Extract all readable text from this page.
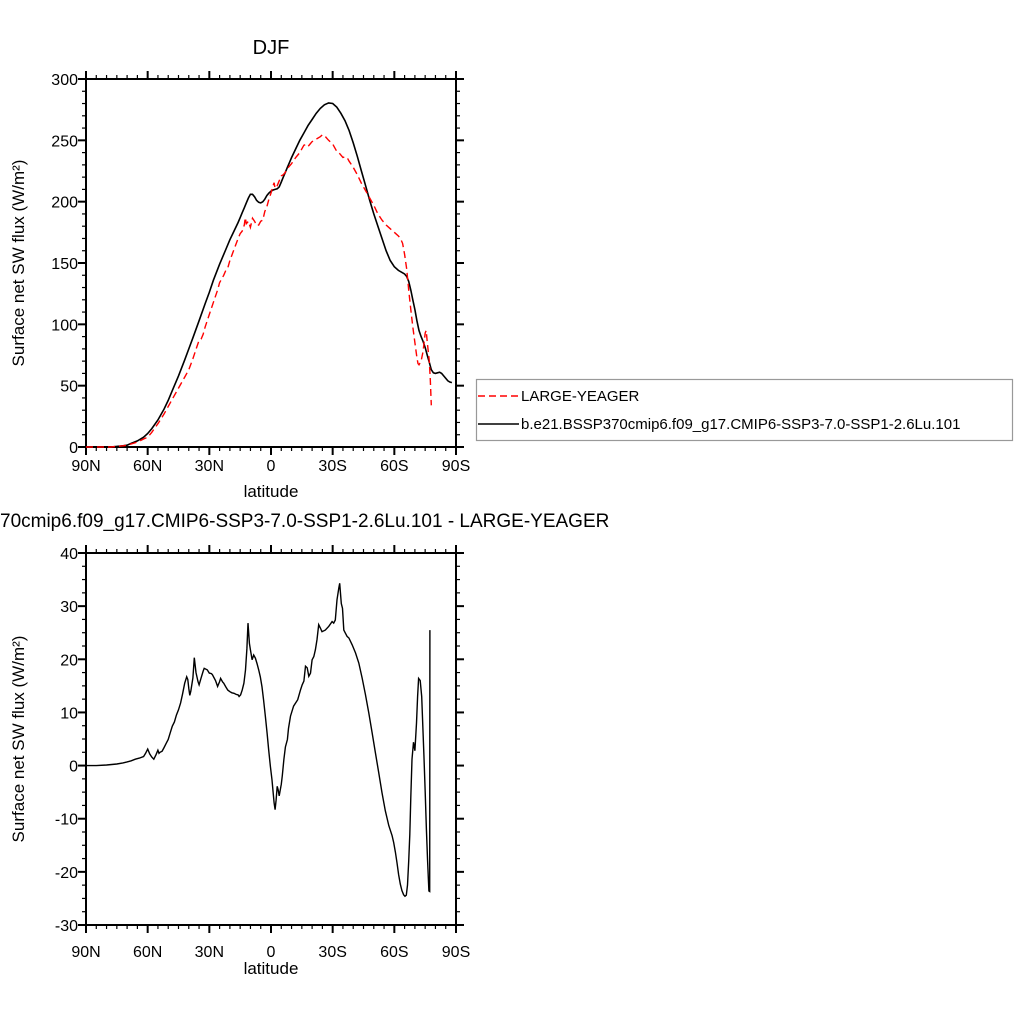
DJF
Surface net SW flux (W/m²)
latitude
70cmip6.f09_g17.CMIP6-SSP3-7.0-SSP1-2.6Lu.101 - LARGE-YEAGER
Surface net SW flux (W/m²)
latitude
90S
60S
30S
0
30N
60N
90N
0
50
100
150
200
250
300
90S
60S
30S
0
30N
60N
90N
-30
-20
-10
0
10
20
30
40
LARGE-YEAGER
b.e21.BSSP370cmip6.f09_g17.CMIP6-SSP3-7.0-SSP1-2.6Lu.101
